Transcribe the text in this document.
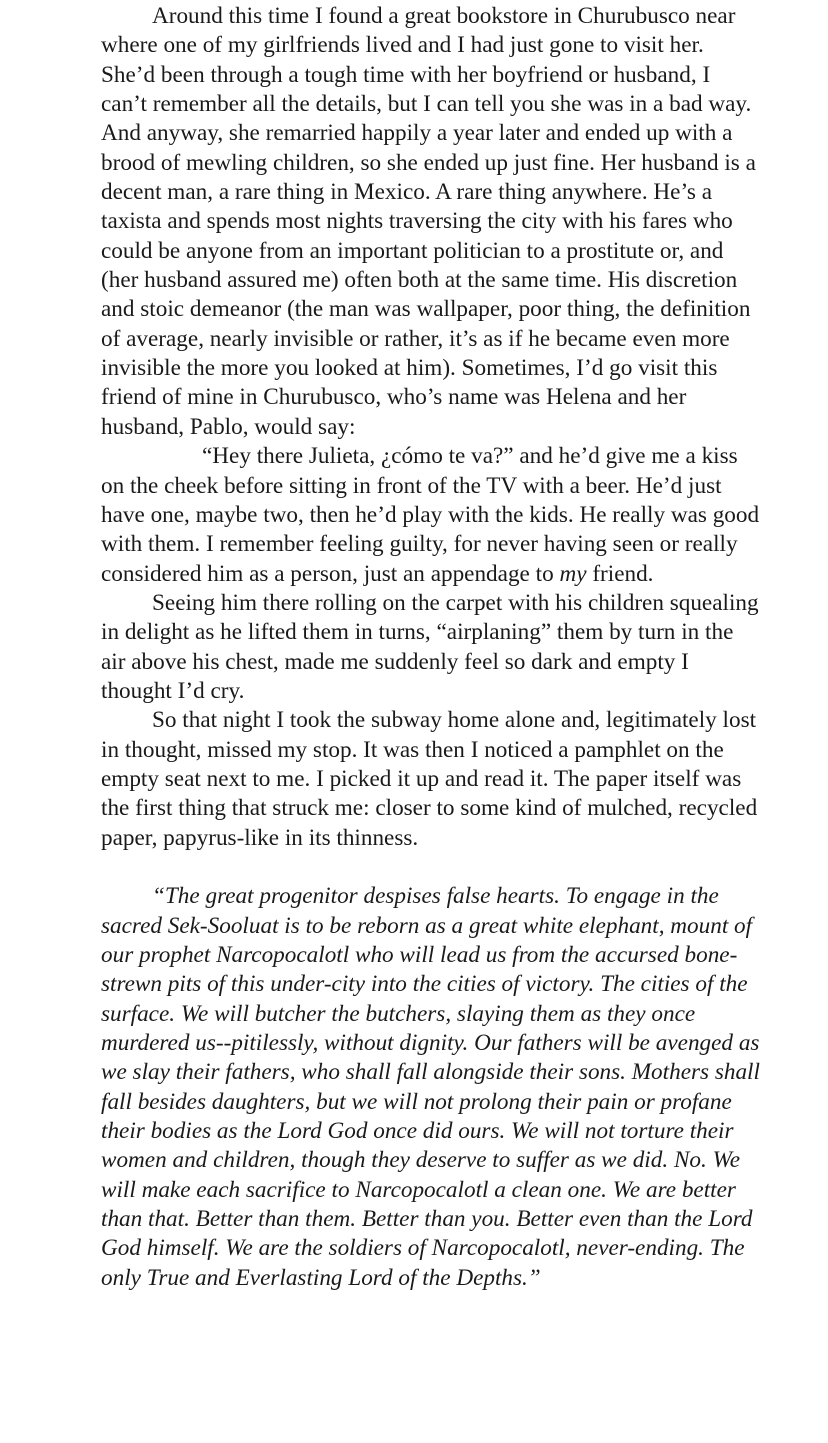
Around this time I found a great bookstore in Churubusco near where one of my girlfriends lived and I had just gone to visit her. She’d been through a tough time with her boyfriend or husband, I can’t remember all the details, but I can tell you she was in a bad way. And anyway, she remarried happily a year later and ended up with a brood of mewling children, so she ended up just fine. Her husband is a decent man, a rare thing in Mexico. A rare thing anywhere. He’s a taxista and spends most nights traversing the city with his fares who could be anyone from an important politician to a prostitute or, and (her husband assured me) often both at the same time. His discretion and stoic demeanor (the man was wallpaper, poor thing, the definition of average, nearly invisible or rather, it’s as if he became even more invisible the more you looked at him). Sometimes, I’d go visit this friend of mine in Churubusco, who’s name was Helena and her husband, Pablo, would say:

“Hey there Julieta, ¿cómo te va?” and he’d give me a kiss on the cheek before sitting in front of the TV with a beer. He’d just have one, maybe two, then he’d play with the kids. He really was good with them. I remember feeling guilty, for never having seen or really considered him as a person, just an appendage to my friend.

Seeing him there rolling on the carpet with his children squealing in delight as he lifted them in turns, “airplaning” them by turn in the air above his chest, made me suddenly feel so dark and empty I thought I’d cry.

So that night I took the subway home alone and, legitimately lost in thought, missed my stop. It was then I noticed a pamphlet on the empty seat next to me. I picked it up and read it. The paper itself was the first thing that struck me: closer to some kind of mulched, recycled paper, papyrus-like in its thinness.

“The great progenitor despises false hearts. To engage in the sacred Sek-Sooluat is to be reborn as a great white elephant, mount of our prophet Narcopocalotl who will lead us from the accursed bone-strewn pits of this under-city into the cities of victory. The cities of the surface. We will butcher the butchers, slaying them as they once murdered us--pitilessly, without dignity. Our fathers will be avenged as we slay their fathers, who shall fall alongside their sons. Mothers shall fall besides daughters, but we will not prolong their pain or profane their bodies as the Lord God once did ours. We will not torture their women and children, though they deserve to suffer as we did. No. We will make each sacrifice to Narcopocalotl a clean one. We are better than that. Better than them. Better than you. Better even than the Lord God himself. We are the soldiers of Narcopocalotl, never-ending. The only True and Everlasting Lord of the Depths.”
